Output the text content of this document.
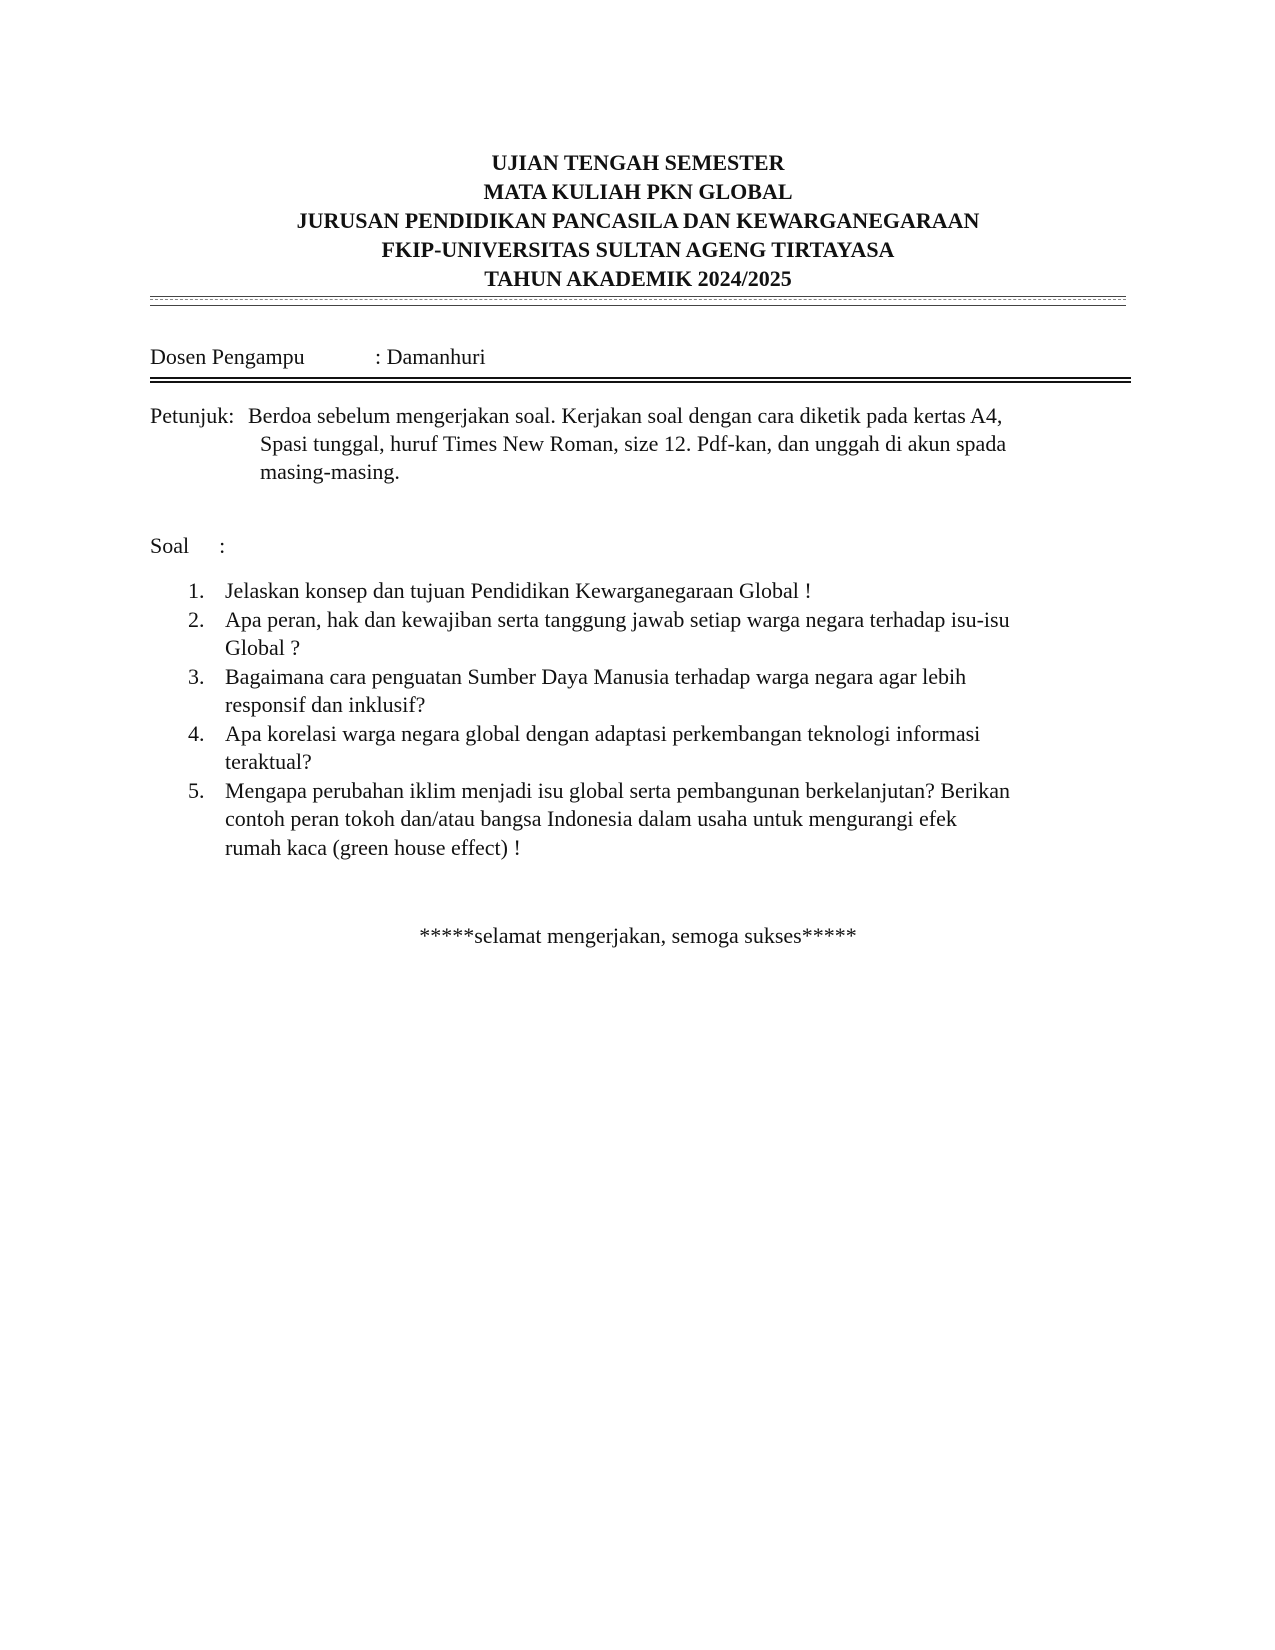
UJIAN TENGAH SEMESTER
MATA KULIAH PKN GLOBAL
JURUSAN PENDIDIKAN PANCASILA DAN KEWARGANEGARAAN
FKIP-UNIVERSITAS SULTAN AGENG TIRTAYASA
TAHUN AKADEMIK 2024/2025
Dosen Pengampu	: Damanhuri
Petunjuk: Berdoa sebelum mengerjakan soal. Kerjakan soal dengan cara diketik pada kertas A4,
Spasi tunggal, huruf Times New Roman, size 12. Pdf-kan, dan unggah di akun spada
masing-masing.
Soal :
1. Jelaskan konsep dan tujuan Pendidikan Kewarganegaraan Global !
2. Apa peran, hak dan kewajiban serta tanggung jawab setiap warga negara terhadap isu-isu
Global ?
3. Bagaimana cara penguatan Sumber Daya Manusia terhadap warga negara agar lebih
responsif dan inklusif?
4. Apa korelasi warga negara global dengan adaptasi perkembangan teknologi informasi
teraktual?
5. Mengapa perubahan iklim menjadi isu global serta pembangunan berkelanjutan? Berikan
contoh peran tokoh dan/atau bangsa Indonesia dalam usaha untuk mengurangi efek
rumah kaca (green house effect) !
*****selamat mengerjakan, semoga sukses*****
